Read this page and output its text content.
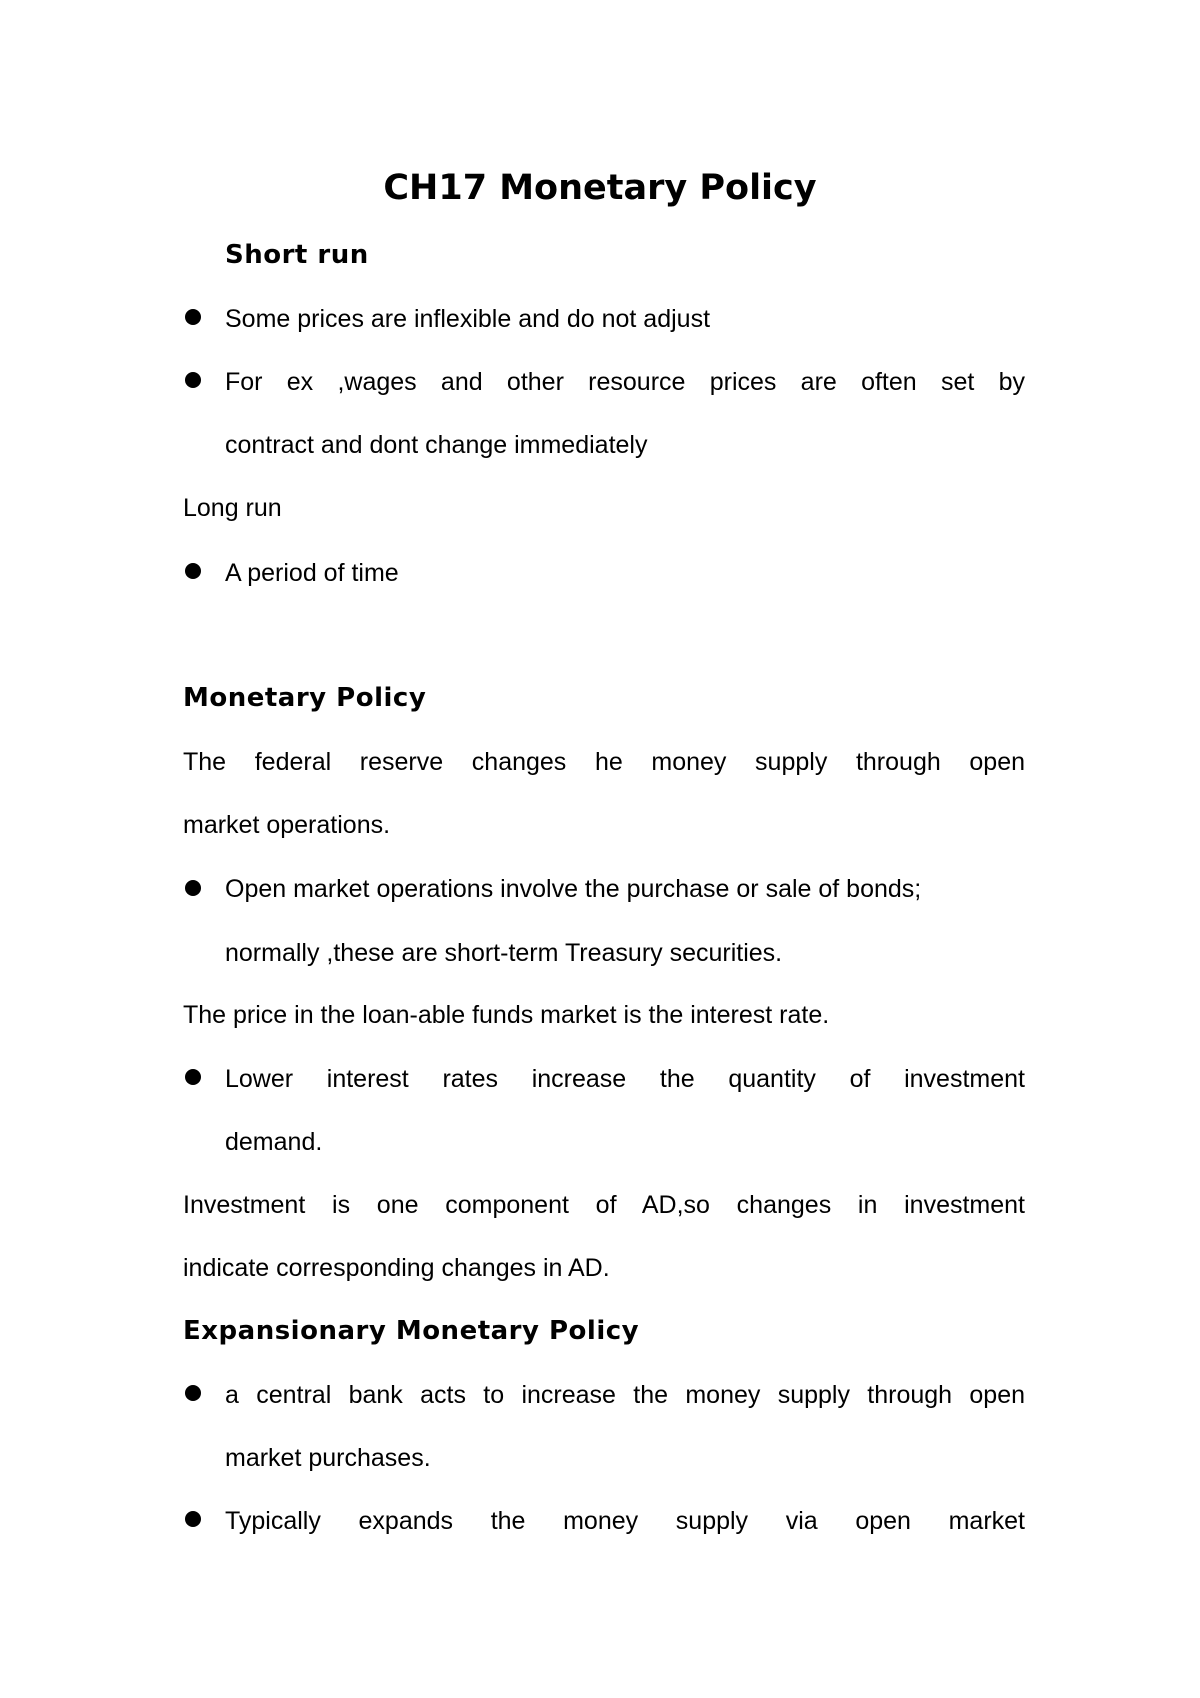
CH17 Monetary Policy
Short run

Some prices are inflexible and do not adjust

For ex ,wages and other resource prices are often set by

contract and dont change immediately

Long run

A period of time

Monetary Policy

The federal reserve changes he money supply through open

market operations.

Open market operations involve the purchase or sale of bonds;

normally ,these are short-term Treasury securities.

The price in the loan-able funds market is the interest rate.

Lower interest rates increase the quantity of investment

demand.

Investment is one component of AD,so changes in investment

indicate corresponding changes in AD.

Expansionary Monetary Policy

a central bank acts to increase the money supply through open

market purchases.

Typically expands the money supply via open market
